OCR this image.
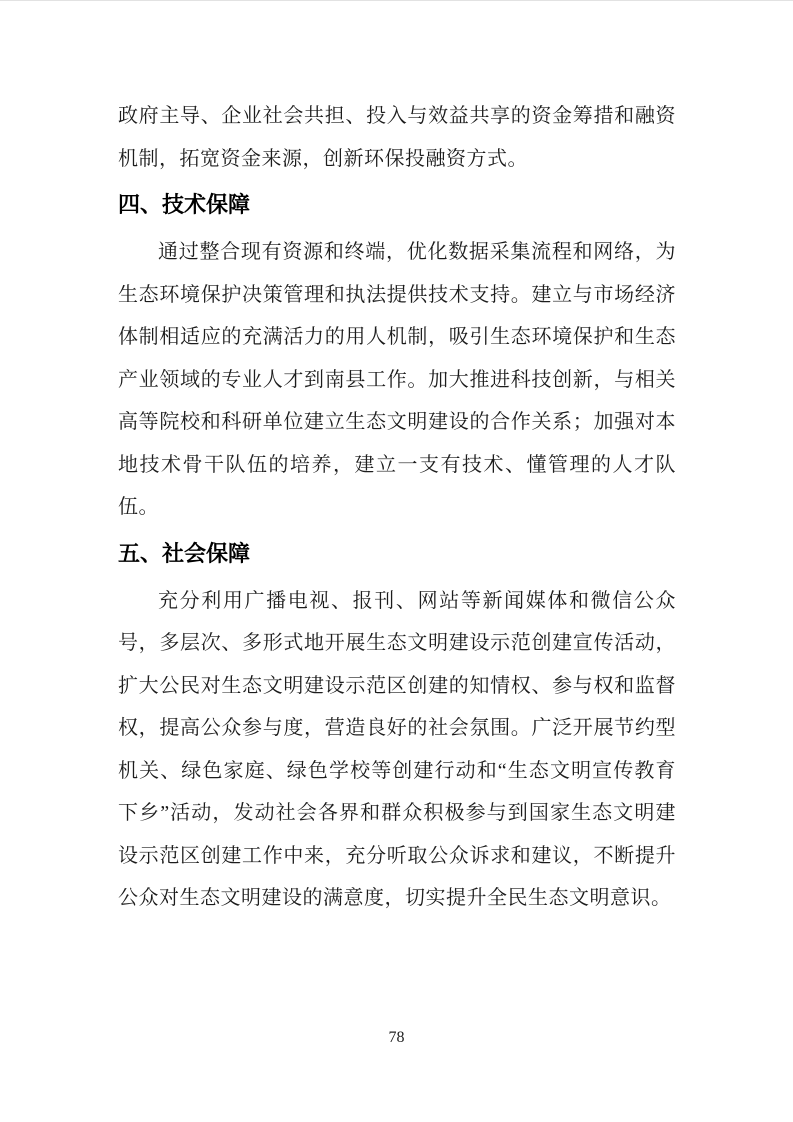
政府主导、企业社会共担、投入与效益共享的资金筹措和融资机制，拓宽资金来源，创新环保投融资方式。

四、技术保障

通过整合现有资源和终端，优化数据采集流程和网络，为生态环境保护决策管理和执法提供技术支持。建立与市场经济体制相适应的充满活力的用人机制，吸引生态环境保护和生态产业领域的专业人才到南县工作。加大推进科技创新，与相关高等院校和科研单位建立生态文明建设的合作关系；加强对本地技术骨干队伍的培养，建立一支有技术、懂管理的人才队伍。

五、社会保障

充分利用广播电视、报刊、网站等新闻媒体和微信公众号，多层次、多形式地开展生态文明建设示范创建宣传活动，扩大公民对生态文明建设示范区创建的知情权、参与权和监督权，提高公众参与度，营造良好的社会氛围。广泛开展节约型机关、绿色家庭、绿色学校等创建行动和“生态文明宣传教育下乡”活动，发动社会各界和群众积极参与到国家生态文明建设示范区创建工作中来，充分听取公众诉求和建议，不断提升公众对生态文明建设的满意度，切实提升全民生态文明意识。

78
